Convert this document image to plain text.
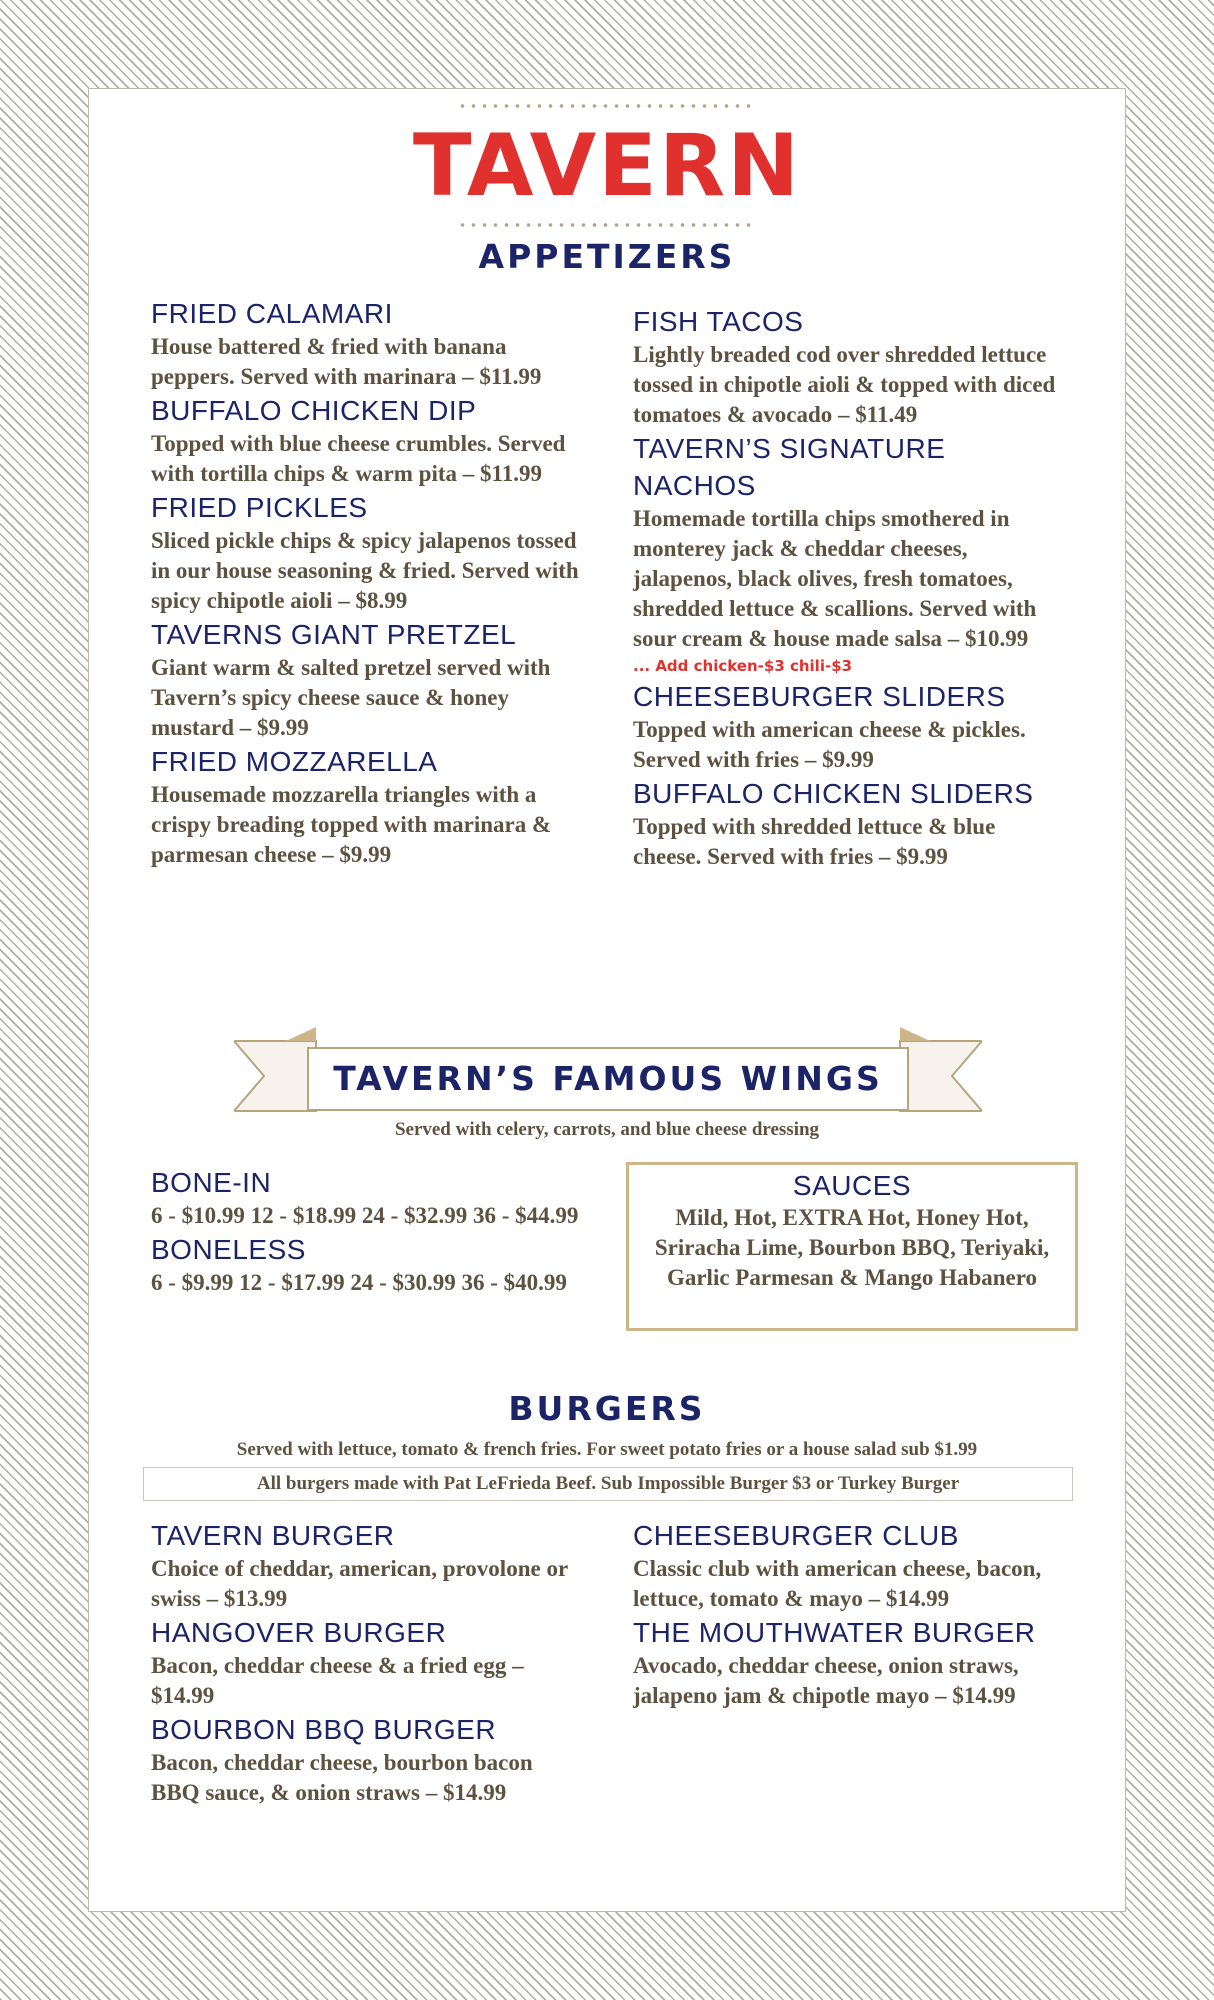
TAVERN
APPETIZERS
FRIED CALAMARI
House battered & fried with banana peppers. Served with marinara – $11.99
BUFFALO CHICKEN DIP
Topped with blue cheese crumbles. Served with tortilla chips & warm pita – $11.99
FRIED PICKLES
Sliced pickle chips & spicy jalapenos tossed in our house seasoning & fried. Served with spicy chipotle aioli – $8.99
TAVERNS GIANT PRETZEL
Giant warm & salted pretzel served with Tavern’s spicy cheese sauce & honey mustard – $9.99
FRIED MOZZARELLA
Housemade mozzarella triangles with a crispy breading topped with marinara & parmesan cheese – $9.99
FISH TACOS
Lightly breaded cod over shredded lettuce tossed in chipotle aioli & topped with diced tomatoes & avocado – $11.49
TAVERN’S SIGNATURE NACHOS
Homemade tortilla chips smothered in monterey jack & cheddar cheeses, jalapenos, black olives, fresh tomatoes, shredded lettuce & scallions. Served with sour cream & house made salsa – $10.99
... Add chicken-$3 chili-$3
CHEESEBURGER SLIDERS
Topped with american cheese & pickles. Served with fries – $9.99
BUFFALO CHICKEN SLIDERS
Topped with shredded lettuce & blue cheese. Served with fries – $9.99
TAVERN’S FAMOUS WINGS
Served with celery, carrots, and blue cheese dressing
BONE-IN
6 - $10.99 12 - $18.99 24 - $32.99 36 - $44.99
BONELESS
6 - $9.99 12 - $17.99 24 - $30.99 36 - $40.99
SAUCES
Mild, Hot, EXTRA Hot, Honey Hot, Sriracha Lime, Bourbon BBQ, Teriyaki, Garlic Parmesan & Mango Habanero
BURGERS
Served with lettuce, tomato & french fries. For sweet potato fries or a house salad sub $1.99
All burgers made with Pat LeFrieda Beef. Sub Impossible Burger $3 or Turkey Burger
TAVERN BURGER
Choice of cheddar, american, provolone or swiss – $13.99
HANGOVER BURGER
Bacon, cheddar cheese & a fried egg – $14.99
BOURBON BBQ BURGER
Bacon, cheddar cheese, bourbon bacon BBQ sauce, & onion straws – $14.99
CHEESEBURGER CLUB
Classic club with american cheese, bacon, lettuce, tomato & mayo – $14.99
THE MOUTHWATER BURGER
Avocado, cheddar cheese, onion straws, jalapeno jam & chipotle mayo – $14.99
